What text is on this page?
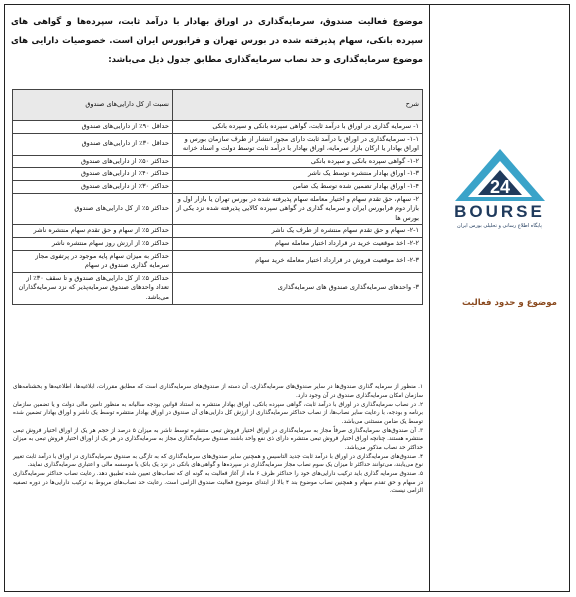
موضوع فعالیت صندوق، سرمایه‌گذاری در اوراق بهادار با درآمد ثابت، سپرده‌ها و گواهی های سپرده بانکی، سهام پذیرفته شده در بورس تهران و فرابورس ایران است. خصوصیات دارایی های موضوع سرمایه‌گذاری و حد نصاب سرمایه‌گذاری مطابق جدول ذیل می‌باشد:
شرح	نسبت از کل دارایی‌های صندوق
۱- سرمایه گذاری در اوراق با درآمد ثابت، گواهی سپرده بانکی و سپرده بانکی	حداقل ۹۰٪ از دارایی‌های صندوق
۱-۱- سرمایه‌گذاری در اوراق با درآمد ثابت دارای مجوز انتشار از طرف سازمان بورس و اوراق بهادار یا ارکان بازار سرمایه، اوراق بهادار با درآمد ثابت توسط دولت و اسناد خزانه	حداقل ۳۰٪ از دارایی‌های صندوق
۱-۲- گواهی سپرده بانکی و سپرده بانکی	حداکثر ۵۰٪ از دارایی‌های صندوق
۱-۳- اوراق بهادار منتشره توسط یک ناشر	حداکثر ۴۰٪ از دارایی‌های صندوق
۱-۴- اوراق بهادار تضمین شده توسط یک ضامن	حداکثر ۳۰٪ از دارایی‌های صندوق
۲- سهام، حق تقدم سهام و اختیار معامله سهام پذیرفته شده در بورس تهران یا بازار اول و بازار دوم فرابورس ایران و سرمایه گذاری در گواهی سپرده کالایی پذیرفته شده نزد یکی از بورس ها	حداکثر ۵٪ از کل دارایی‌های صندوق
۲-۱- سهام و حق تقدم سهام منتشره از طرف یک ناشر	حداکثر ۵٪ از سهام و حق تقدم سهام منتشره ناشر
۲-۲- اخذ موقعیت خرید در قرارداد اختیار معامله سهام	حداکثر ۵٪ از ارزش روز سهام منتشره ناشر
۲-۳- اخذ موقعیت فروش در قرارداد اختیار معامله خرید سهام	حداکثر به میزان سهام پایه موجود در پرتفوی مجاز سرمایه گذاری صندوق در سهام
۳- واحدهای سرمایه‌گذاری صندوق های سرمایه‌گذاری	حداکثر ۵٪ از کل دارایی‌های صندوق و تا سقف ۳۰٪ از تعداد واحدهای صندوق سرمایه‌پذیر که نزد سرمایه‌گذاران می‌باشد.

۱. منظور از سرمایه گذاری صندوق‌ها در سایر صندوق‌های سرمایه‌گذاری، آن دسته از صندوق‌های سرمایه‌گذاری است که مطابق مقررات، ابلاغیه‌ها، اطلاعیه‌ها و بخشنامه‌های سازمان امکان سرمایه‌گذاری صندوق در آن وجود دارد.

۲. در نصاب سرمایه‌گذاری در اوراق با درآمد ثابت، گواهی سپرده بانکی، اوراق بهادار منتشره به استناد قوانین بودجه سالیانه به منظور تامین مالی دولت و یا تضمین سازمان برنامه و بودجه، با رعایت سایر نصاب‌ها، از نصاب حداکثر سرمایه‌گذاری از ارزش کل دارایی‌های آن صندوق در اوراق بهادار منتشره توسط یک ناشر و اوراق بهادار تضمین شده توسط یک ضامن مستثنی می‌باشد.

۳. آن صندوق‌های سرمایه‌گذاری صرفاً مجاز به سرمایه‌گذاری در اوراق اختیار فروش تبعی منتشره توسط ناشر به میزان ۵ درصد از حجم هر یک از اوراق اختیار فروش تبعی منتشره هستند. چنانچه اوراق اختیار فروش تبعی منتشره دارای ذی نفع واحد باشند صندوق سرمایه‌گذاری مجاز به سرمایه‌گذاری در هر یک از اوراق اختیار فروش تبعی به میزان حداکثر حد نصاب مذکور می‌باشد.

۴. صندوق‌های سرمایه‌گذاری در اوراق با درآمد ثابت جدید التاسیس و همچنین سایر صندوق‌های سرمایه‌گذاری که به تازگی به صندوق سرمایه‌گذاری در اوراق با درآمد ثابت تغییر نوع می‌یابند، می‌توانند حداکثر تا میزان یک سوم نصاب مجاز سرمایه‌گذاری در سپرده‌ها و گواهی‌های بانکی در نزد یک بانک یا موسسه مالی و اعتباری سرمایه‌گذاری نمایند.

۵. صندوق سرمایه گذاری باید ترکیب دارایی‌های خود را حداکثر ظرف ۶ ماه از آغاز فعالیت به گونه ای که نصاب‌های تعیین شده تطبیق دهد. رعایت نصاب حداکثر سرمایه‌گذاری در سهام و حق تقدم سهام و همچنین نصاب موضوع بند ۴ بالا از ابتدای موضوع فعالیت صندوق الزامی است. رعایت حد نصاب‌های مربوط به ترکیب دارایی‌ها در دوره تصفیه الزامی نیست.

24
BOURSE
پایگاه اطلاع رسانی و تحلیلی بورس ایران
موضوع و حدود فعالیت
